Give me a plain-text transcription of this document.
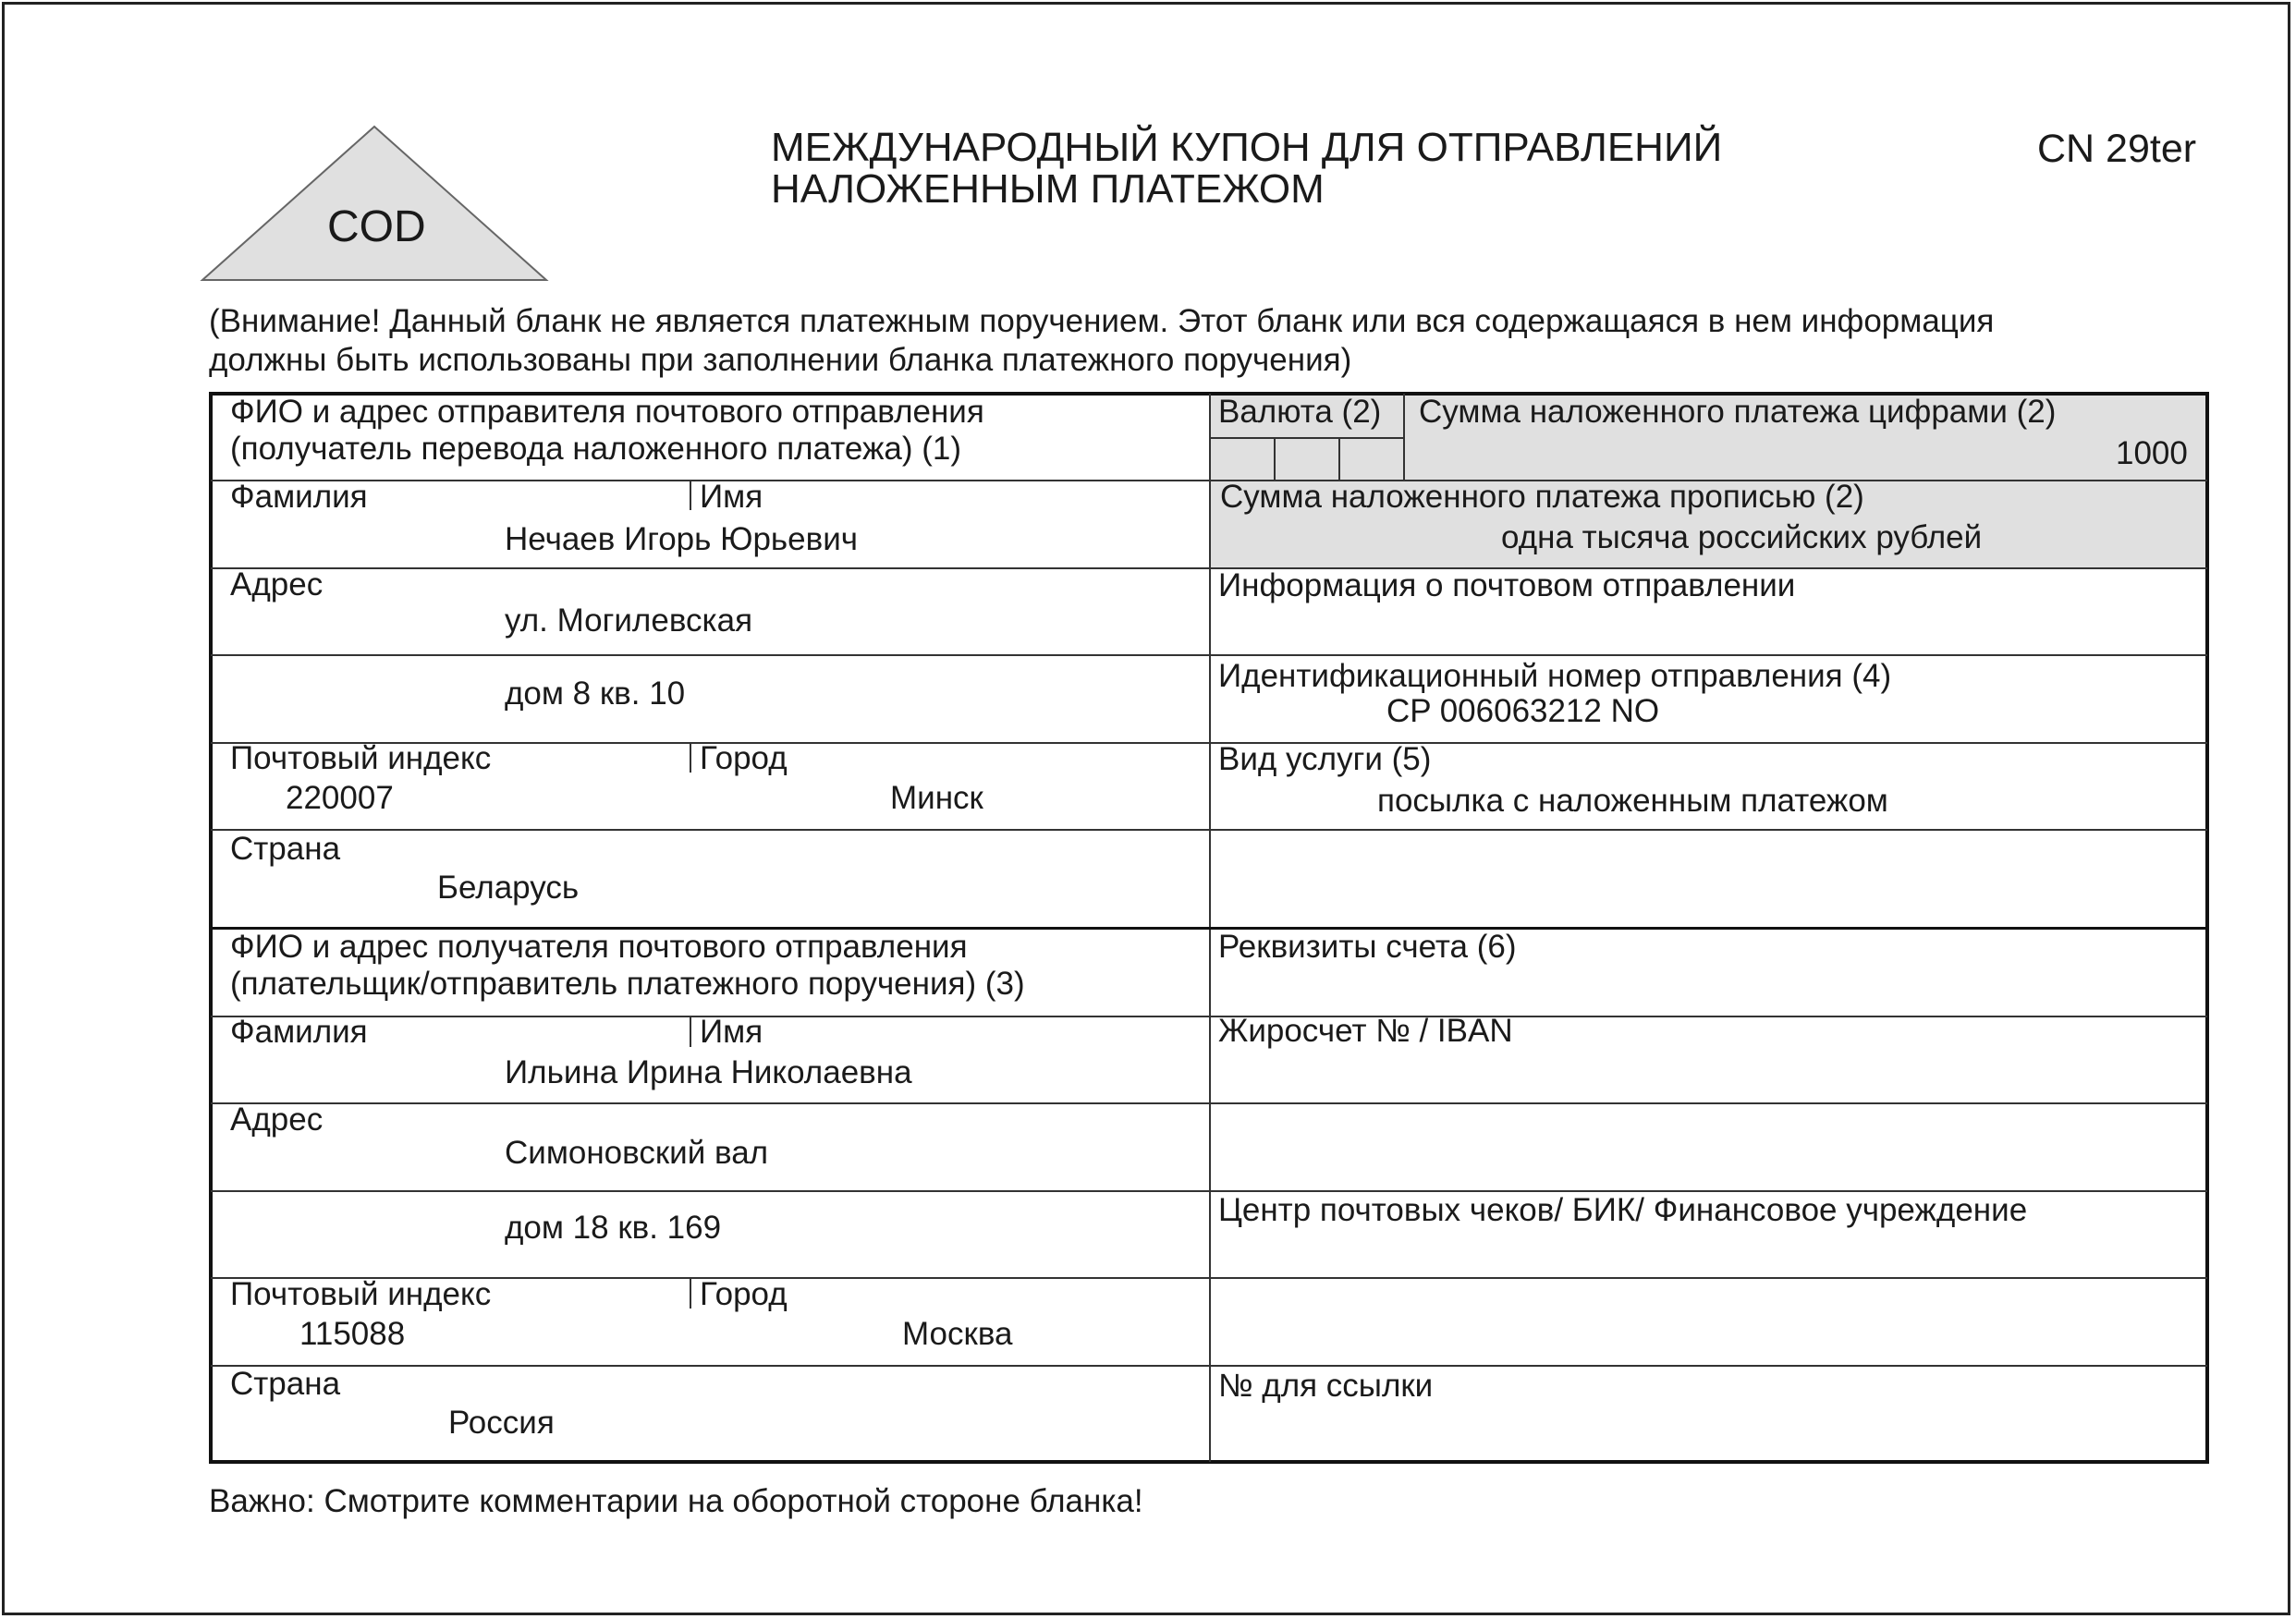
COD
МЕЖДУНАРОДНЫЙ КУПОН ДЛЯ ОТПРАВЛЕНИЙ
НАЛОЖЕННЫМ ПЛАТЕЖОМ
CN 29ter
(Внимание! Данный бланк не является платежным поручением. Этот бланк или вся содержащаяся в нем информация
должны быть использованы при заполнении бланка платежного поручения)
ФИО и адрес отправителя почтового отправления
(получатель перевода наложенного платежа) (1)
Фамилия	Имя
Нечаев Игорь Юрьевич
Адрес
ул. Могилевская
дом 8 кв. 10
Почтовый индекс	Город
220007	Минск
Страна
Беларусь
ФИО и адрес получателя почтового отправления
(плательщик/отправитель платежного поручения) (3)
Фамилия	Имя
Ильина Ирина Николаевна
Адрес
Симоновский вал
дом 18 кв. 169
Почтовый индекс	Город
115088	Москва
Страна
Россия
Валюта (2) Сумма наложенного платежа цифрами (2)
1000
Сумма наложенного платежа прописью (2)
одна тысяча российских рублей
Информация о почтовом отправлении
Идентификационный номер отправления (4)
CP 006063212 NO
Вид услуги (5)
посылка с наложенным платежом
Реквизиты счета (6)
Жиросчет № / IBAN
Центр почтовых чеков/ БИК/ Финансовое учреждение
№ для ссылки
Важно: Смотрите комментарии на оборотной стороне бланка!
